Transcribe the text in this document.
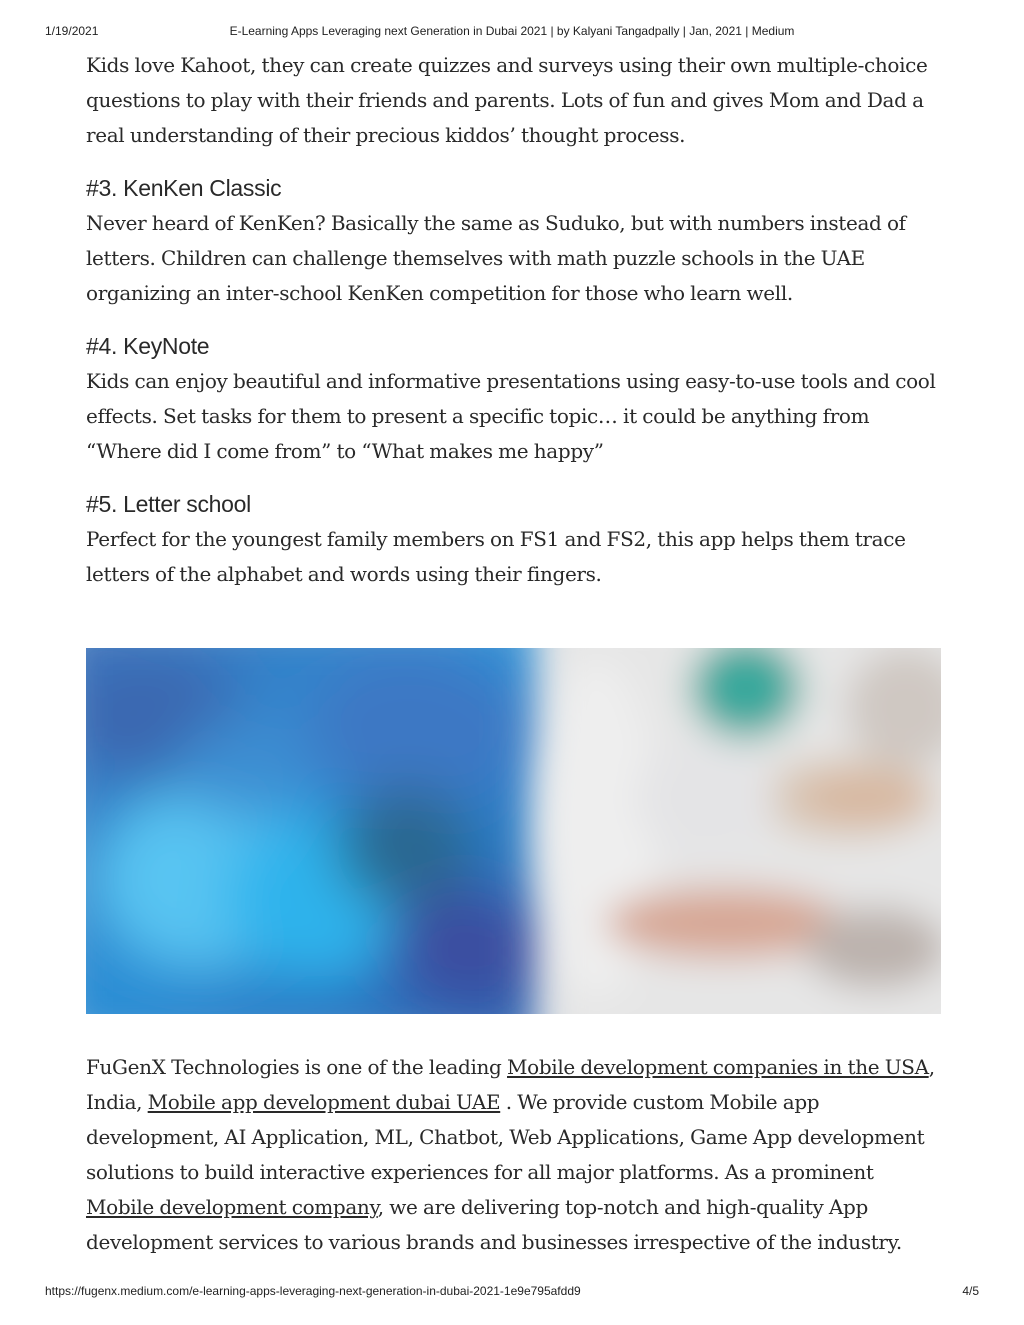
1/19/2021	E-Learning Apps Leveraging next Generation in Dubai 2021 | by Kalyani Tangadpally | Jan, 2021 | Medium

Kids love Kahoot, they can create quizzes and surveys using their own multiple-choice questions to play with their friends and parents. Lots of fun and gives Mom and Dad a real understanding of their precious kiddos’ thought process.

#3. KenKen Classic

Never heard of KenKen? Basically the same as Suduko, but with numbers instead of letters. Children can challenge themselves with math puzzle schools in the UAE organizing an inter-school KenKen competition for those who learn well.

#4. KeyNote

Kids can enjoy beautiful and informative presentations using easy-to-use tools and cool effects. Set tasks for them to present a specific topic… it could be anything from “Where did I come from” to “What makes me happy”

#5. Letter school

Perfect for the youngest family members on FS1 and FS2, this app helps them trace letters of the alphabet and words using their fingers.

FuGenX Technologies is one of the leading Mobile development companies in the USA, India, Mobile app development dubai UAE . We provide custom Mobile app development, AI Application, ML, Chatbot, Web Applications, Game App development solutions to build interactive experiences for all major platforms. As a prominent Mobile development company, we are delivering top-notch and high-quality App development services to various brands and businesses irrespective of the industry.

https://fugenx.medium.com/e-learning-apps-leveraging-next-generation-in-dubai-2021-1e9e795afdd9	4/5
